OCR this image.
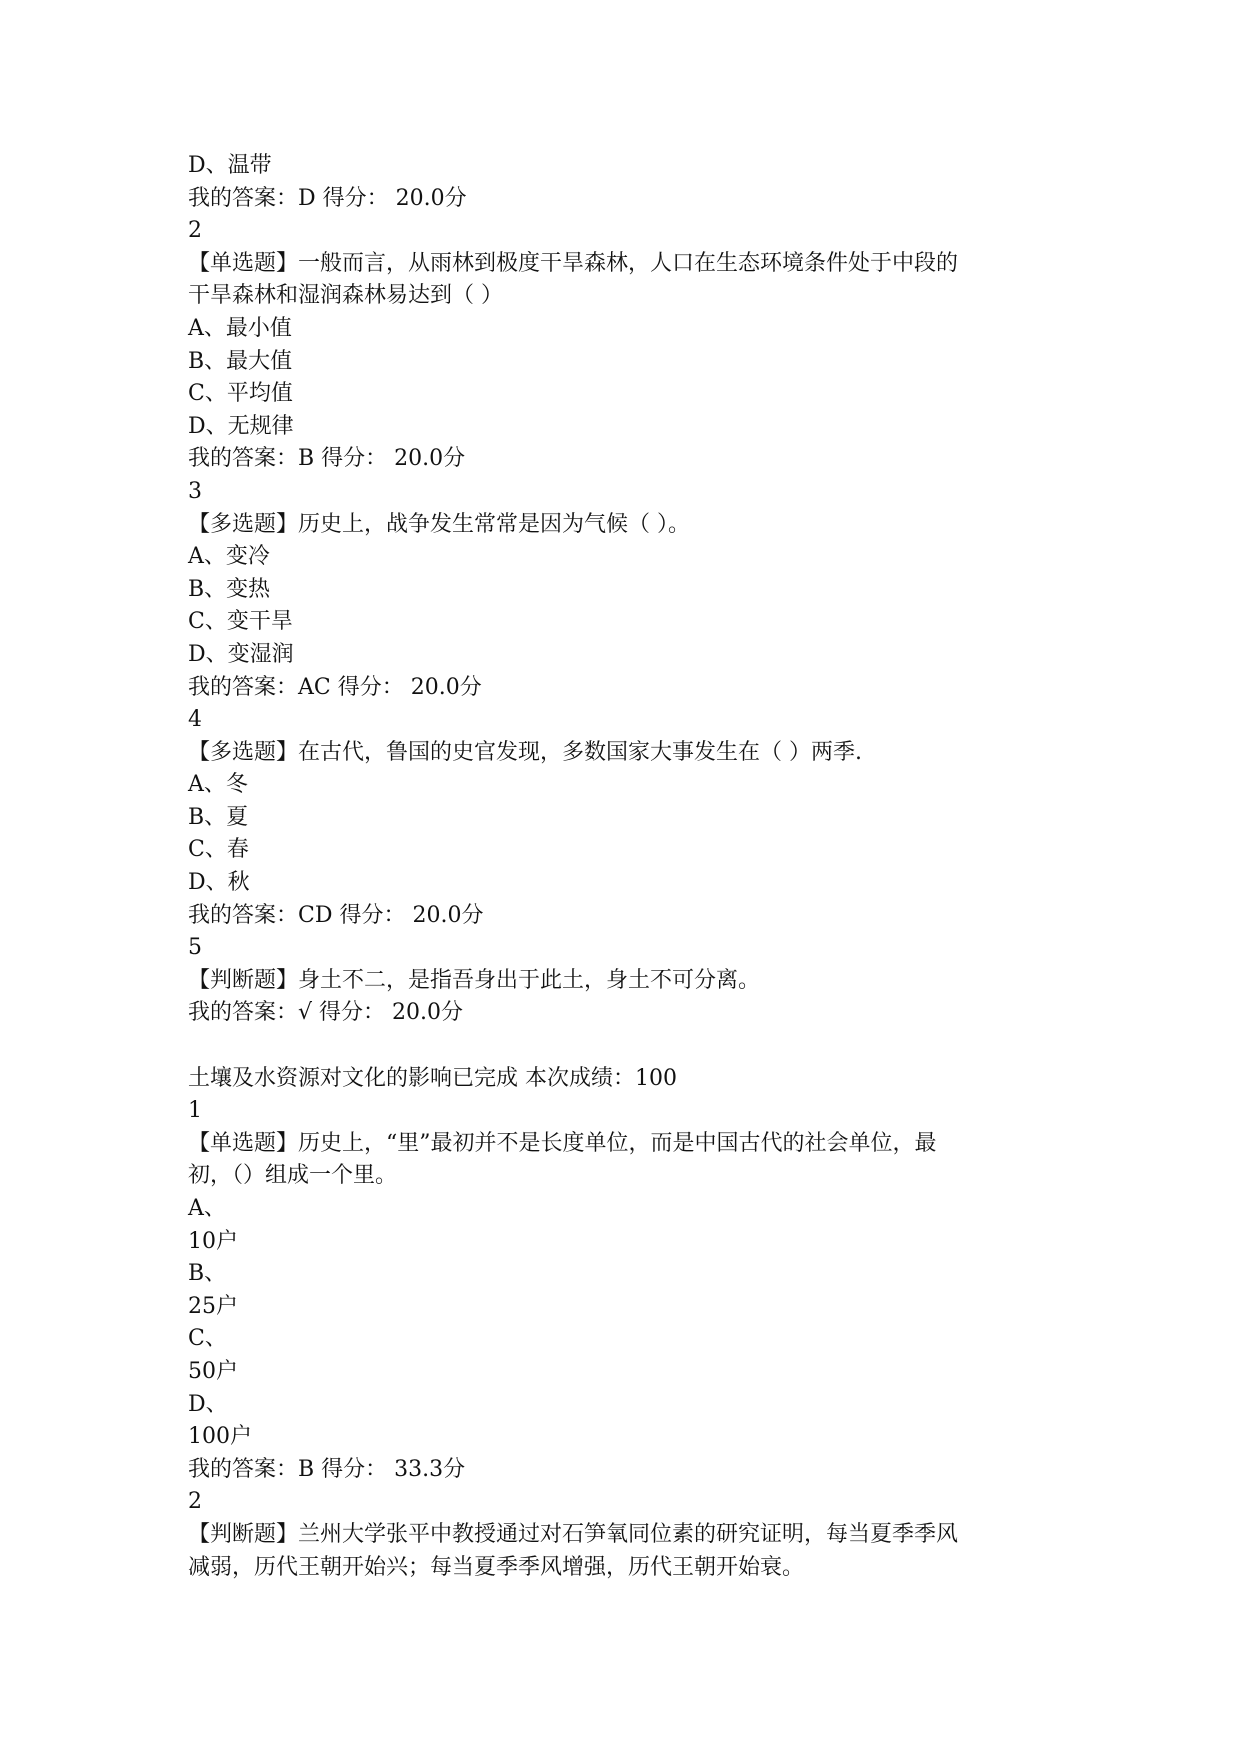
D、温带
我的答案：D 得分： 20.0分
2
【单选题】一般而言，从雨林到极度干旱森林，人口在生态环境条件处于中段的
干旱森林和湿润森林易达到（ ）
A、最小值
B、最大值
C、平均值
D、无规律
我的答案：B 得分： 20.0分
3
【多选题】历史上，战争发生常常是因为气候（ ）。
A、变冷
B、变热
C、变干旱
D、变湿润
我的答案：AC 得分： 20.0分
4
【多选题】在古代，鲁国的史官发现，多数国家大事发生在（ ）两季.
A、冬
B、夏
C、春
D、秋
我的答案：CD 得分： 20.0分
5
【判断题】身土不二，是指吾身出于此土，身土不可分离。
我的答案：√ 得分： 20.0分
土壤及水资源对文化的影响已完成 本次成绩：100
1
【单选题】历史上，“里”最初并不是长度单位，而是中国古代的社会单位，最
初，（）组成一个里。
A、
10户
B、
25户
C、
50户
D、
100户
我的答案：B 得分： 33.3分
2
【判断题】兰州大学张平中教授通过对石笋氧同位素的研究证明，每当夏季季风
减弱，历代王朝开始兴；每当夏季季风增强，历代王朝开始衰。
